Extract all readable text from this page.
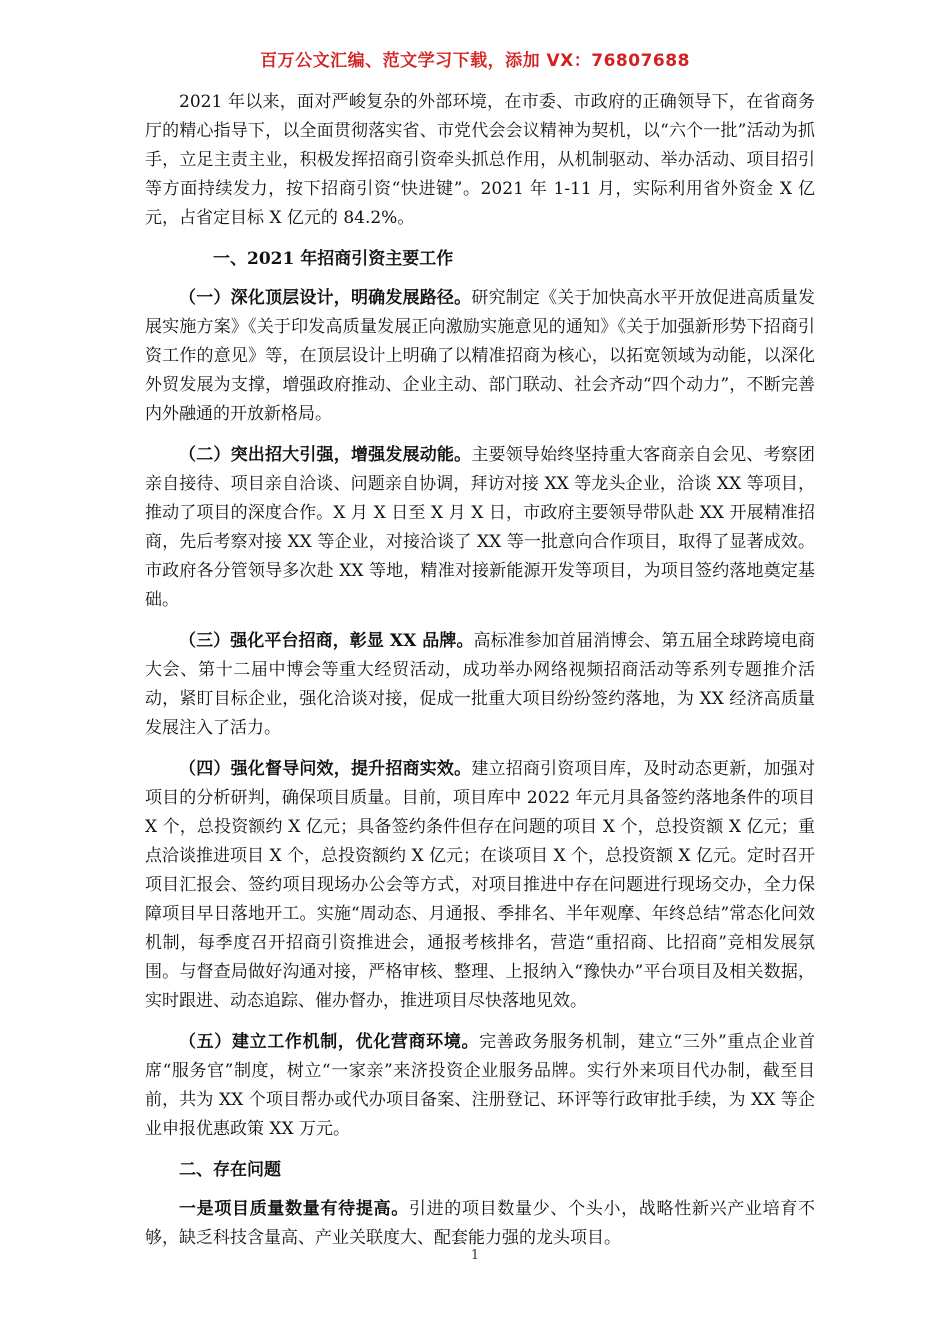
百万公文汇编、范文学习下载，添加 VX：76807688

2021 年以来，面对严峻复杂的外部环境，在市委、市政府的正确领导下，在省商务厅的精心指导下，以全面贯彻落实省、市党代会会议精神为契机，以“六个一批”活动为抓手，立足主责主业，积极发挥招商引资牵头抓总作用，从机制驱动、举办活动、项目招引等方面持续发力，按下招商引资“快进键”。2021 年 1-11 月，实际利用省外资金 X 亿元，占省定目标 X 亿元的 84.2%。

一、2021 年招商引资主要工作

（一）深化顶层设计，明确发展路径。研究制定《关于加快高水平开放促进高质量发展实施方案》《关于印发高质量发展正向激励实施意见的通知》《关于加强新形势下招商引资工作的意见》等，在顶层设计上明确了以精准招商为核心，以拓宽领域为动能，以深化外贸发展为支撑，增强政府推动、企业主动、部门联动、社会齐动“四个动力”，不断完善内外融通的开放新格局。

（二）突出招大引强，增强发展动能。主要领导始终坚持重大客商亲自会见、考察团亲自接待、项目亲自洽谈、问题亲自协调，拜访对接 XX 等龙头企业，洽谈 XX 等项目，推动了项目的深度合作。X 月 X 日至 X 月 X 日，市政府主要领导带队赴 XX 开展精准招商，先后考察对接 XX 等企业，对接洽谈了 XX 等一批意向合作项目，取得了显著成效。市政府各分管领导多次赴 XX 等地，精准对接新能源开发等项目，为项目签约落地奠定基础。

（三）强化平台招商，彰显 XX 品牌。高标准参加首届消博会、第五届全球跨境电商大会、第十二届中博会等重大经贸活动，成功举办网络视频招商活动等系列专题推介活动，紧盯目标企业，强化洽谈对接，促成一批重大项目纷纷签约落地，为 XX 经济高质量发展注入了活力。

（四）强化督导问效，提升招商实效。建立招商引资项目库，及时动态更新，加强对项目的分析研判，确保项目质量。目前，项目库中 2022 年元月具备签约落地条件的项目 X 个，总投资额约 X 亿元；具备签约条件但存在问题的项目 X 个，总投资额 X 亿元；重点洽谈推进项目 X 个，总投资额约 X 亿元；在谈项目 X 个，总投资额 X 亿元。定时召开项目汇报会、签约项目现场办公会等方式，对项目推进中存在问题进行现场交办，全力保障项目早日落地开工。实施“周动态、月通报、季排名、半年观摩、年终总结”常态化问效机制，每季度召开招商引资推进会，通报考核排名，营造“重招商、比招商”竞相发展氛围。与督查局做好沟通对接，严格审核、整理、上报纳入“豫快办”平台项目及相关数据，实时跟进、动态追踪、催办督办，推进项目尽快落地见效。

（五）建立工作机制，优化营商环境。完善政务服务机制，建立“三外”重点企业首席“服务官”制度，树立“一家亲”来济投资企业服务品牌。实行外来项目代办制，截至目前，共为 XX 个项目帮办或代办项目备案、注册登记、环评等行政审批手续，为 XX 等企业申报优惠政策 XX 万元。

二、存在问题

一是项目质量数量有待提高。引进的项目数量少、个头小，战略性新兴产业培育不够，缺乏科技含量高、产业关联度大、配套能力强的龙头项目。

1
